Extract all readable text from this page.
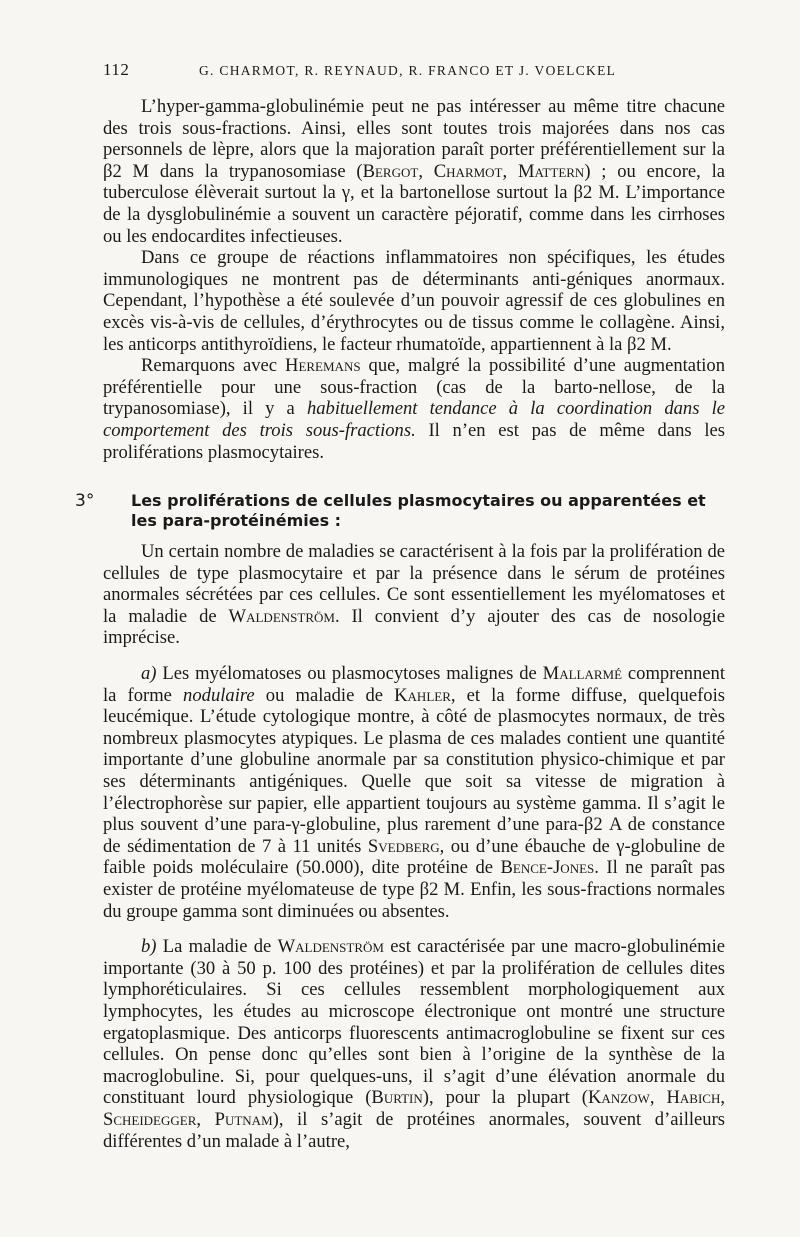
112	G. CHARMOT, R. REYNAUD, R. FRANCO ET J. VOELCKEL

L’hyper-gamma-globulinémie peut ne pas intéresser au même titre chacune des trois sous-fractions. Ainsi, elles sont toutes trois majorées dans nos cas personnels de lèpre, alors que la majoration paraît porter préférentiellement sur la β2 M dans la trypanosomiase (Bergot, Charmot, Mattern) ; ou encore, la tuberculose élèverait surtout la γ, et la bartonellose surtout la β2 M. L’importance de la dysglobulinémie a souvent un caractère péjoratif, comme dans les cirrhoses ou les endocardites infectieuses.

Dans ce groupe de réactions inflammatoires non spécifiques, les études immunologiques ne montrent pas de déterminants anti-géniques anormaux. Cependant, l’hypothèse a été soulevée d’un pouvoir agressif de ces globulines en excès vis-à-vis de cellules, d’érythrocytes ou de tissus comme le collagène. Ainsi, les anticorps antithyroïdiens, le facteur rhumatoïde, appartiennent à la β2 M.

Remarquons avec Heremans que, malgré la possibilité d’une augmentation préférentielle pour une sous-fraction (cas de la barto-nellose, de la trypanosomiase), il y a habituellement tendance à la coordination dans le comportement des trois sous-fractions. Il n’en est pas de même dans les proliférations plasmocytaires.

3° Les proliférations de cellules plasmocytaires ou apparentées et les para-protéinémies :

Un certain nombre de maladies se caractérisent à la fois par la prolifération de cellules de type plasmocytaire et par la présence dans le sérum de protéines anormales sécrétées par ces cellules. Ce sont essentiellement les myélomatoses et la maladie de Waldenström. Il convient d’y ajouter des cas de nosologie imprécise.

a) Les myélomatoses ou plasmocytoses malignes de Mallarmé comprennent la forme nodulaire ou maladie de Kahler, et la forme diffuse, quelquefois leucémique. L’étude cytologique montre, à côté de plasmocytes normaux, de très nombreux plasmocytes atypiques. Le plasma de ces malades contient une quantité importante d’une globuline anormale par sa constitution physico-chimique et par ses déterminants antigéniques. Quelle que soit sa vitesse de migration à l’électrophorèse sur papier, elle appartient toujours au système gamma. Il s’agit le plus souvent d’une para-γ-globuline, plus rarement d’une para-β2 A de constance de sédimentation de 7 à 11 unités Svedberg, ou d’une ébauche de γ-globuline de faible poids moléculaire (50.000), dite protéine de Bence-Jones. Il ne paraît pas exister de protéine myélomateuse de type β2 M. Enfin, les sous-fractions normales du groupe gamma sont diminuées ou absentes.

b) La maladie de Waldenström est caractérisée par une macro-globulinémie importante (30 à 50 p. 100 des protéines) et par la prolifération de cellules dites lymphoréticulaires. Si ces cellules ressemblent morphologiquement aux lymphocytes, les études au microscope électronique ont montré une structure ergatoplasmique. Des anticorps fluorescents antimacroglobuline se fixent sur ces cellules. On pense donc qu’elles sont bien à l’origine de la synthèse de la macroglobuline. Si, pour quelques-uns, il s’agit d’une élévation anormale du constituant lourd physiologique (Burtin), pour la plupart (Kanzow, Habich, Scheidegger, Putnam), il s’agit de protéines anormales, souvent d’ailleurs différentes d’un malade à l’autre,
